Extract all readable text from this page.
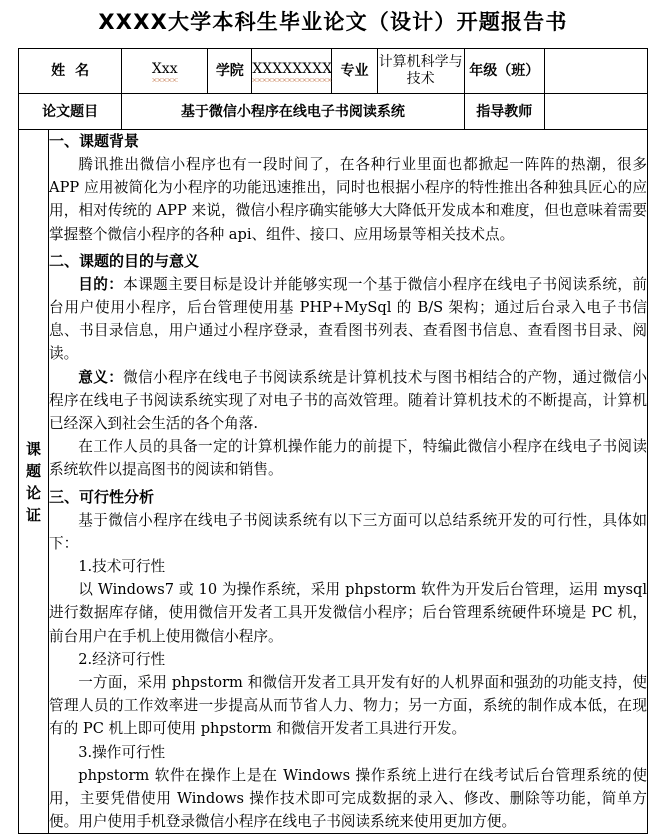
XXXX大学本科生毕业论文（设计）开题报告书
姓名		Xxx	学院	XXXXXXXX	专业	计算机科学与技术	年级（班）	
论文题目		基于微信小程序在线电子书阅读系统					指导教师	

课
题
论
证

一、课题背景

腾讯推出微信小程序也有一段时间了，在各种行业里面也都掀起一阵阵的热潮，很多 APP 应用被简化为小程序的功能迅速推出，同时也根据小程序的特性推出各种独具匠心的应用，相对传统的 APP 来说，微信小程序确实能够大大降低开发成本和难度，但也意味着需要掌握整个微信小程序的各种 api、组件、接口、应用场景等相关技术点。

二、课题的目的与意义

目的：本课题主要目标是设计并能够实现一个基于微信小程序在线电子书阅读系统，前台用户使用小程序，后台管理使用基 PHP+MySql 的 B/S 架构；通过后台录入电子书信息、书目录信息，用户通过小程序登录，查看图书列表、查看图书信息、查看图书目录、阅读。

意义：微信小程序在线电子书阅读系统是计算机技术与图书相结合的产物，通过微信小程序在线电子书阅读系统实现了对电子书的高效管理。随着计算机技术的不断提高，计算机已经深入到社会生活的各个角落.

在工作人员的具备一定的计算机操作能力的前提下，特编此微信小程序在线电子书阅读系统软件以提高图书的阅读和销售。

三、可行性分析

基于微信小程序在线电子书阅读系统有以下三方面可以总结系统开发的可行性，具体如下：

1.技术可行性

以 Windows7 或 10 为操作系统，采用 phpstorm 软件为开发后台管理，运用 mysql 进行数据库存储，使用微信开发者工具开发微信小程序；后台管理系统硬件环境是 PC 机，前台用户在手机上使用微信小程序。

2.经济可行性

一方面，采用 phpstorm 和微信开发者工具开发有好的人机界面和强劲的功能支持，使管理人员的工作效率进一步提高从而节省人力、物力；另一方面，系统的制作成本低，在现有的 PC 机上即可使用 phpstorm 和微信开发者工具进行开发。

3.操作可行性

phpstorm 软件在操作上是在 Windows 操作系统上进行在线考试后台管理系统的使用，主要凭借使用 Windows 操作技术即可完成数据的录入、修改、删除等功能，简单方便。用户使用手机登录微信小程序在线电子书阅读系统来使用更加方便。
